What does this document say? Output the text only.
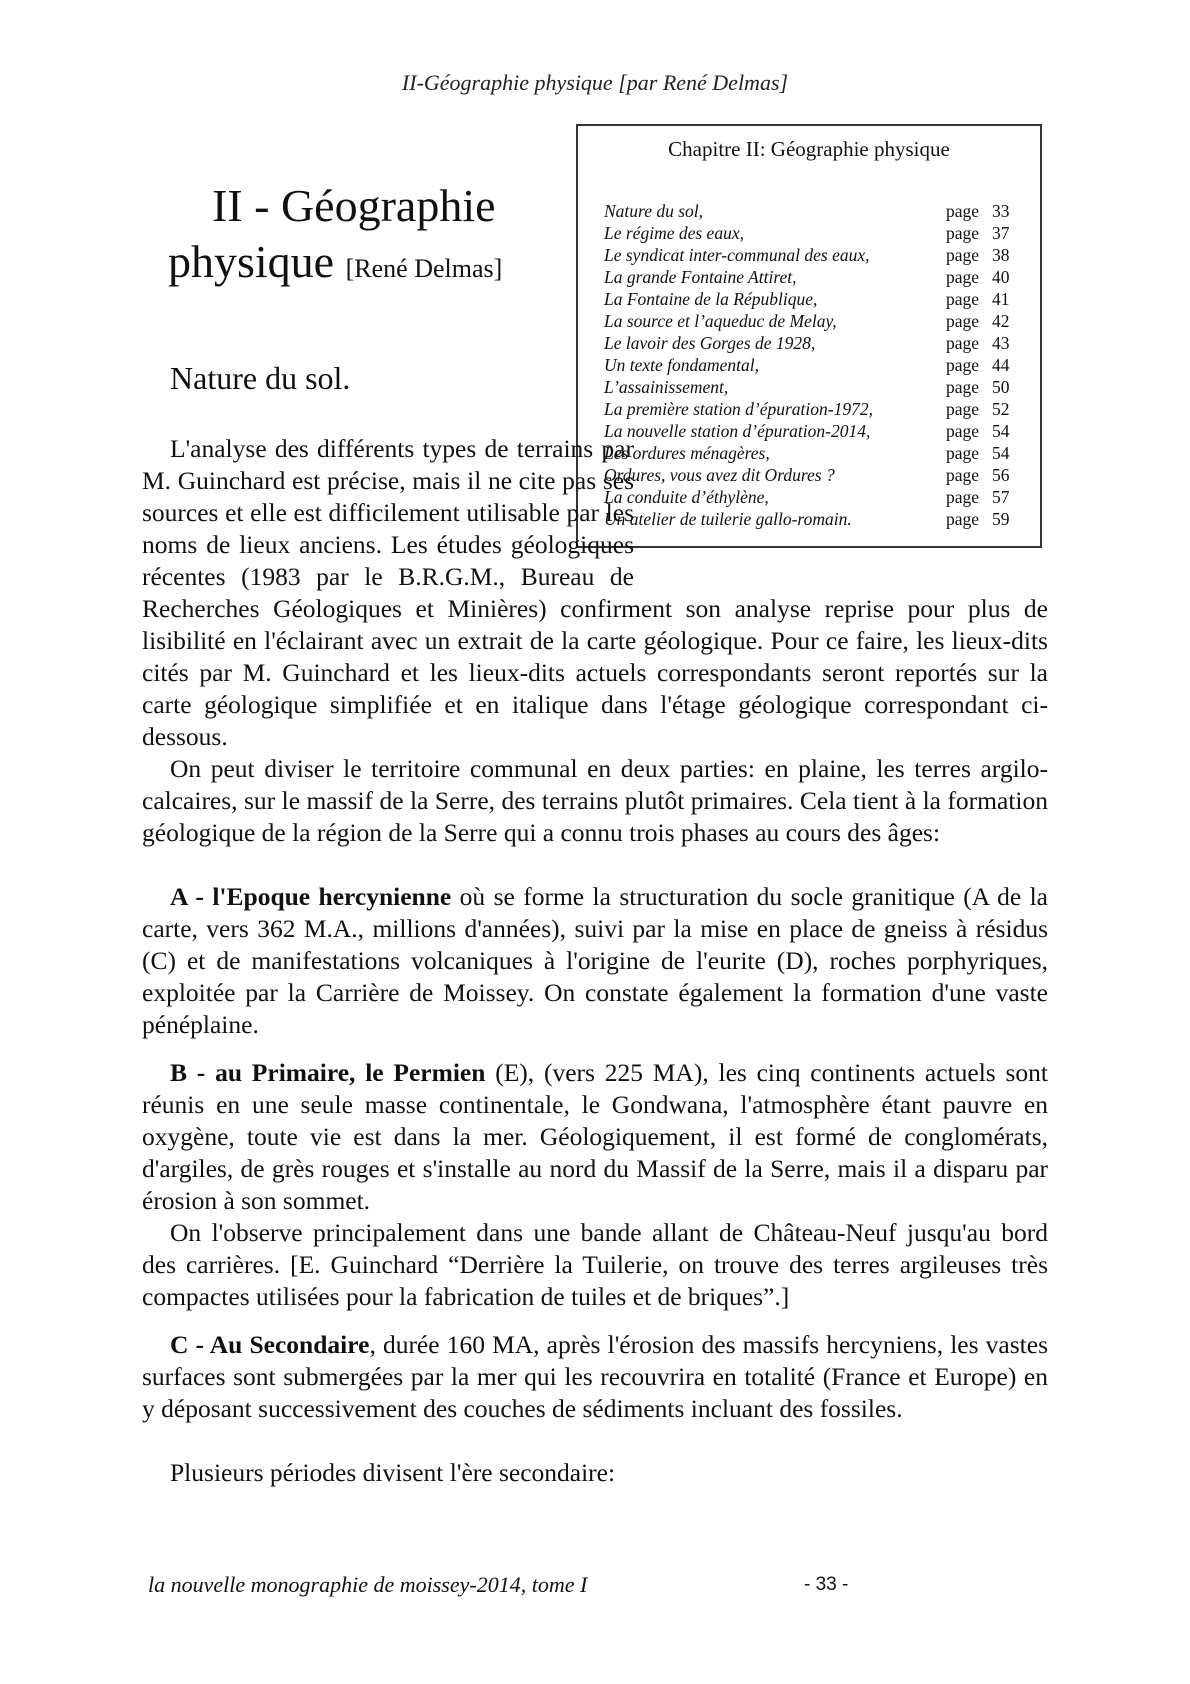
II-Géographie physique [par René Delmas]
Chapitre II: Géographie physique
Nature du sol,	page 33
Le régime des eaux,	page 37
Le syndicat inter-communal des eaux,	page 38
La grande Fontaine Attiret,	page 40
La Fontaine de la République,	page 41
La source et l’aqueduc de Melay,	page 42
Le lavoir des Gorges de 1928,	page 43
Un texte fondamental,	page 44
L’assainissement,	page 50
La première station d’épuration-1972,	page 52
La nouvelle station d’épuration-2014,	page 54
Les ordures ménagères,	page 54
Ordures, vous avez dit Ordures ?	page 56
La conduite d’éthylène,	page 57
Un atelier de tuilerie gallo-romain.	page 59
II - Géographie
physique [René Delmas]
Nature du sol.

L'analyse des différents types de terrains par M. Guinchard est précise, mais il ne cite pas ses sources et elle est difficilement utilisable par les noms de lieux anciens. Les études géologiques récentes (1983 par le B.R.G.M., Bureau de Recherches Géologiques et Minières) confirment son analyse reprise pour plus de lisibilité en l'éclairant avec un extrait de la carte géologique. Pour ce faire, les lieux-dits cités par M. Guinchard et les lieux-dits actuels correspondants seront reportés sur la carte géologique simplifiée et en italique dans l'étage géologique correspondant ci-dessous.

On peut diviser le territoire communal en deux parties: en plaine, les terres argilo-calcaires, sur le massif de la Serre, des terrains plutôt primaires. Cela tient à la formation géologique de la région de la Serre qui a connu trois phases au cours des âges:

A - l'Epoque hercynienne où se forme la structuration du socle granitique (A de la carte, vers 362 M.A., millions d'années), suivi par la mise en place de gneiss à résidus (C) et de manifestations volcaniques à l'origine de l'eurite (D), roches porphyriques, exploitée par la Carrière de Moissey. On constate également la formation d'une vaste pénéplaine.

B - au Primaire, le Permien (E), (vers 225 MA), les cinq continents actuels sont réunis en une seule masse continentale, le Gondwana, l'atmosphère étant pauvre en oxygène, toute vie est dans la mer. Géologiquement, il est formé de conglomérats, d'argiles, de grès rouges et s'installe au nord du Massif de la Serre, mais il a disparu par érosion à son sommet.

On l'observe principalement dans une bande allant de Château-Neuf jusqu'au bord des carrières. [E. Guinchard “Derrière la Tuilerie, on trouve des terres argileuses très compactes utilisées pour la fabrication de tuiles et de briques”.]

C - Au Secondaire, durée 160 MA, après l'érosion des massifs hercyniens, les vastes surfaces sont submergées par la mer qui les recouvrira en totalité (France et Europe) en y déposant successivement des couches de sédiments incluant des fossiles.

Plusieurs périodes divisent l'ère secondaire:

la nouvelle monographie de moissey-2014, tome I	- 33 -
